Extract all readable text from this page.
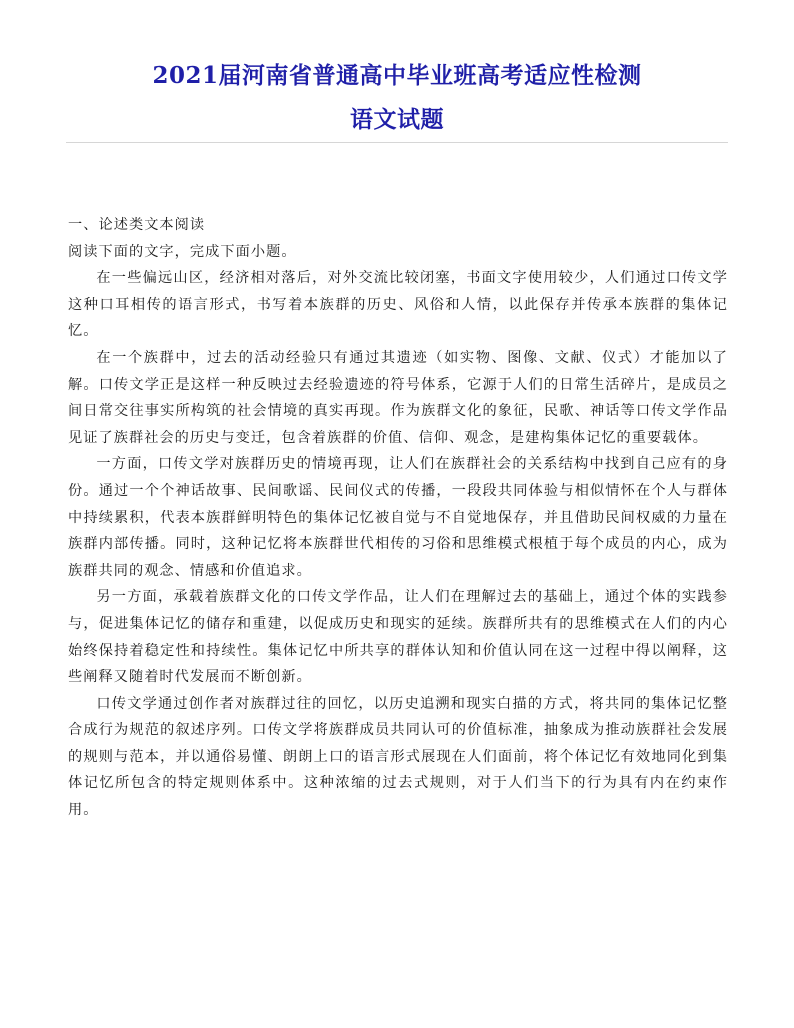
2021届河南省普通高中毕业班高考适应性检测
语文试题

一、论述类文本阅读

阅读下面的文字，完成下面小题。

在一些偏远山区，经济相对落后，对外交流比较闭塞，书面文字使用较少，人们通过口传文学这种口耳相传的语言形式，书写着本族群的历史、风俗和人情，以此保存并传承本族群的集体记忆。

在一个族群中，过去的活动经验只有通过其遗迹（如实物、图像、文献、仪式）才能加以了解。口传文学正是这样一种反映过去经验遗迹的符号体系，它源于人们的日常生活碎片，是成员之间日常交往事实所构筑的社会情境的真实再现。作为族群文化的象征，民歌、神话等口传文学作品见证了族群社会的历史与变迁，包含着族群的价值、信仰、观念，是建构集体记忆的重要载体。

一方面，口传文学对族群历史的情境再现，让人们在族群社会的关系结构中找到自己应有的身份。通过一个个神话故事、民间歌谣、民间仪式的传播，一段段共同体验与相似情怀在个人与群体中持续累积，代表本族群鲜明特色的集体记忆被自觉与不自觉地保存，并且借助民间权威的力量在族群内部传播。同时，这种记忆将本族群世代相传的习俗和思维模式根植于每个成员的内心，成为族群共同的观念、情感和价值追求。

另一方面，承载着族群文化的口传文学作品，让人们在理解过去的基础上，通过个体的实践参与，促进集体记忆的储存和重建，以促成历史和现实的延续。族群所共有的思维模式在人们的内心始终保持着稳定性和持续性。集体记忆中所共享的群体认知和价值认同在这一过程中得以阐释，这些阐释又随着时代发展而不断创新。

口传文学通过创作者对族群过往的回忆，以历史追溯和现实白描的方式，将共同的集体记忆整合成行为规范的叙述序列。口传文学将族群成员共同认可的价值标准，抽象成为推动族群社会发展的规则与范本，并以通俗易懂、朗朗上口的语言形式展现在人们面前，将个体记忆有效地同化到集体记忆所包含的特定规则体系中。这种浓缩的过去式规则，对于人们当下的行为具有内在约束作用。
